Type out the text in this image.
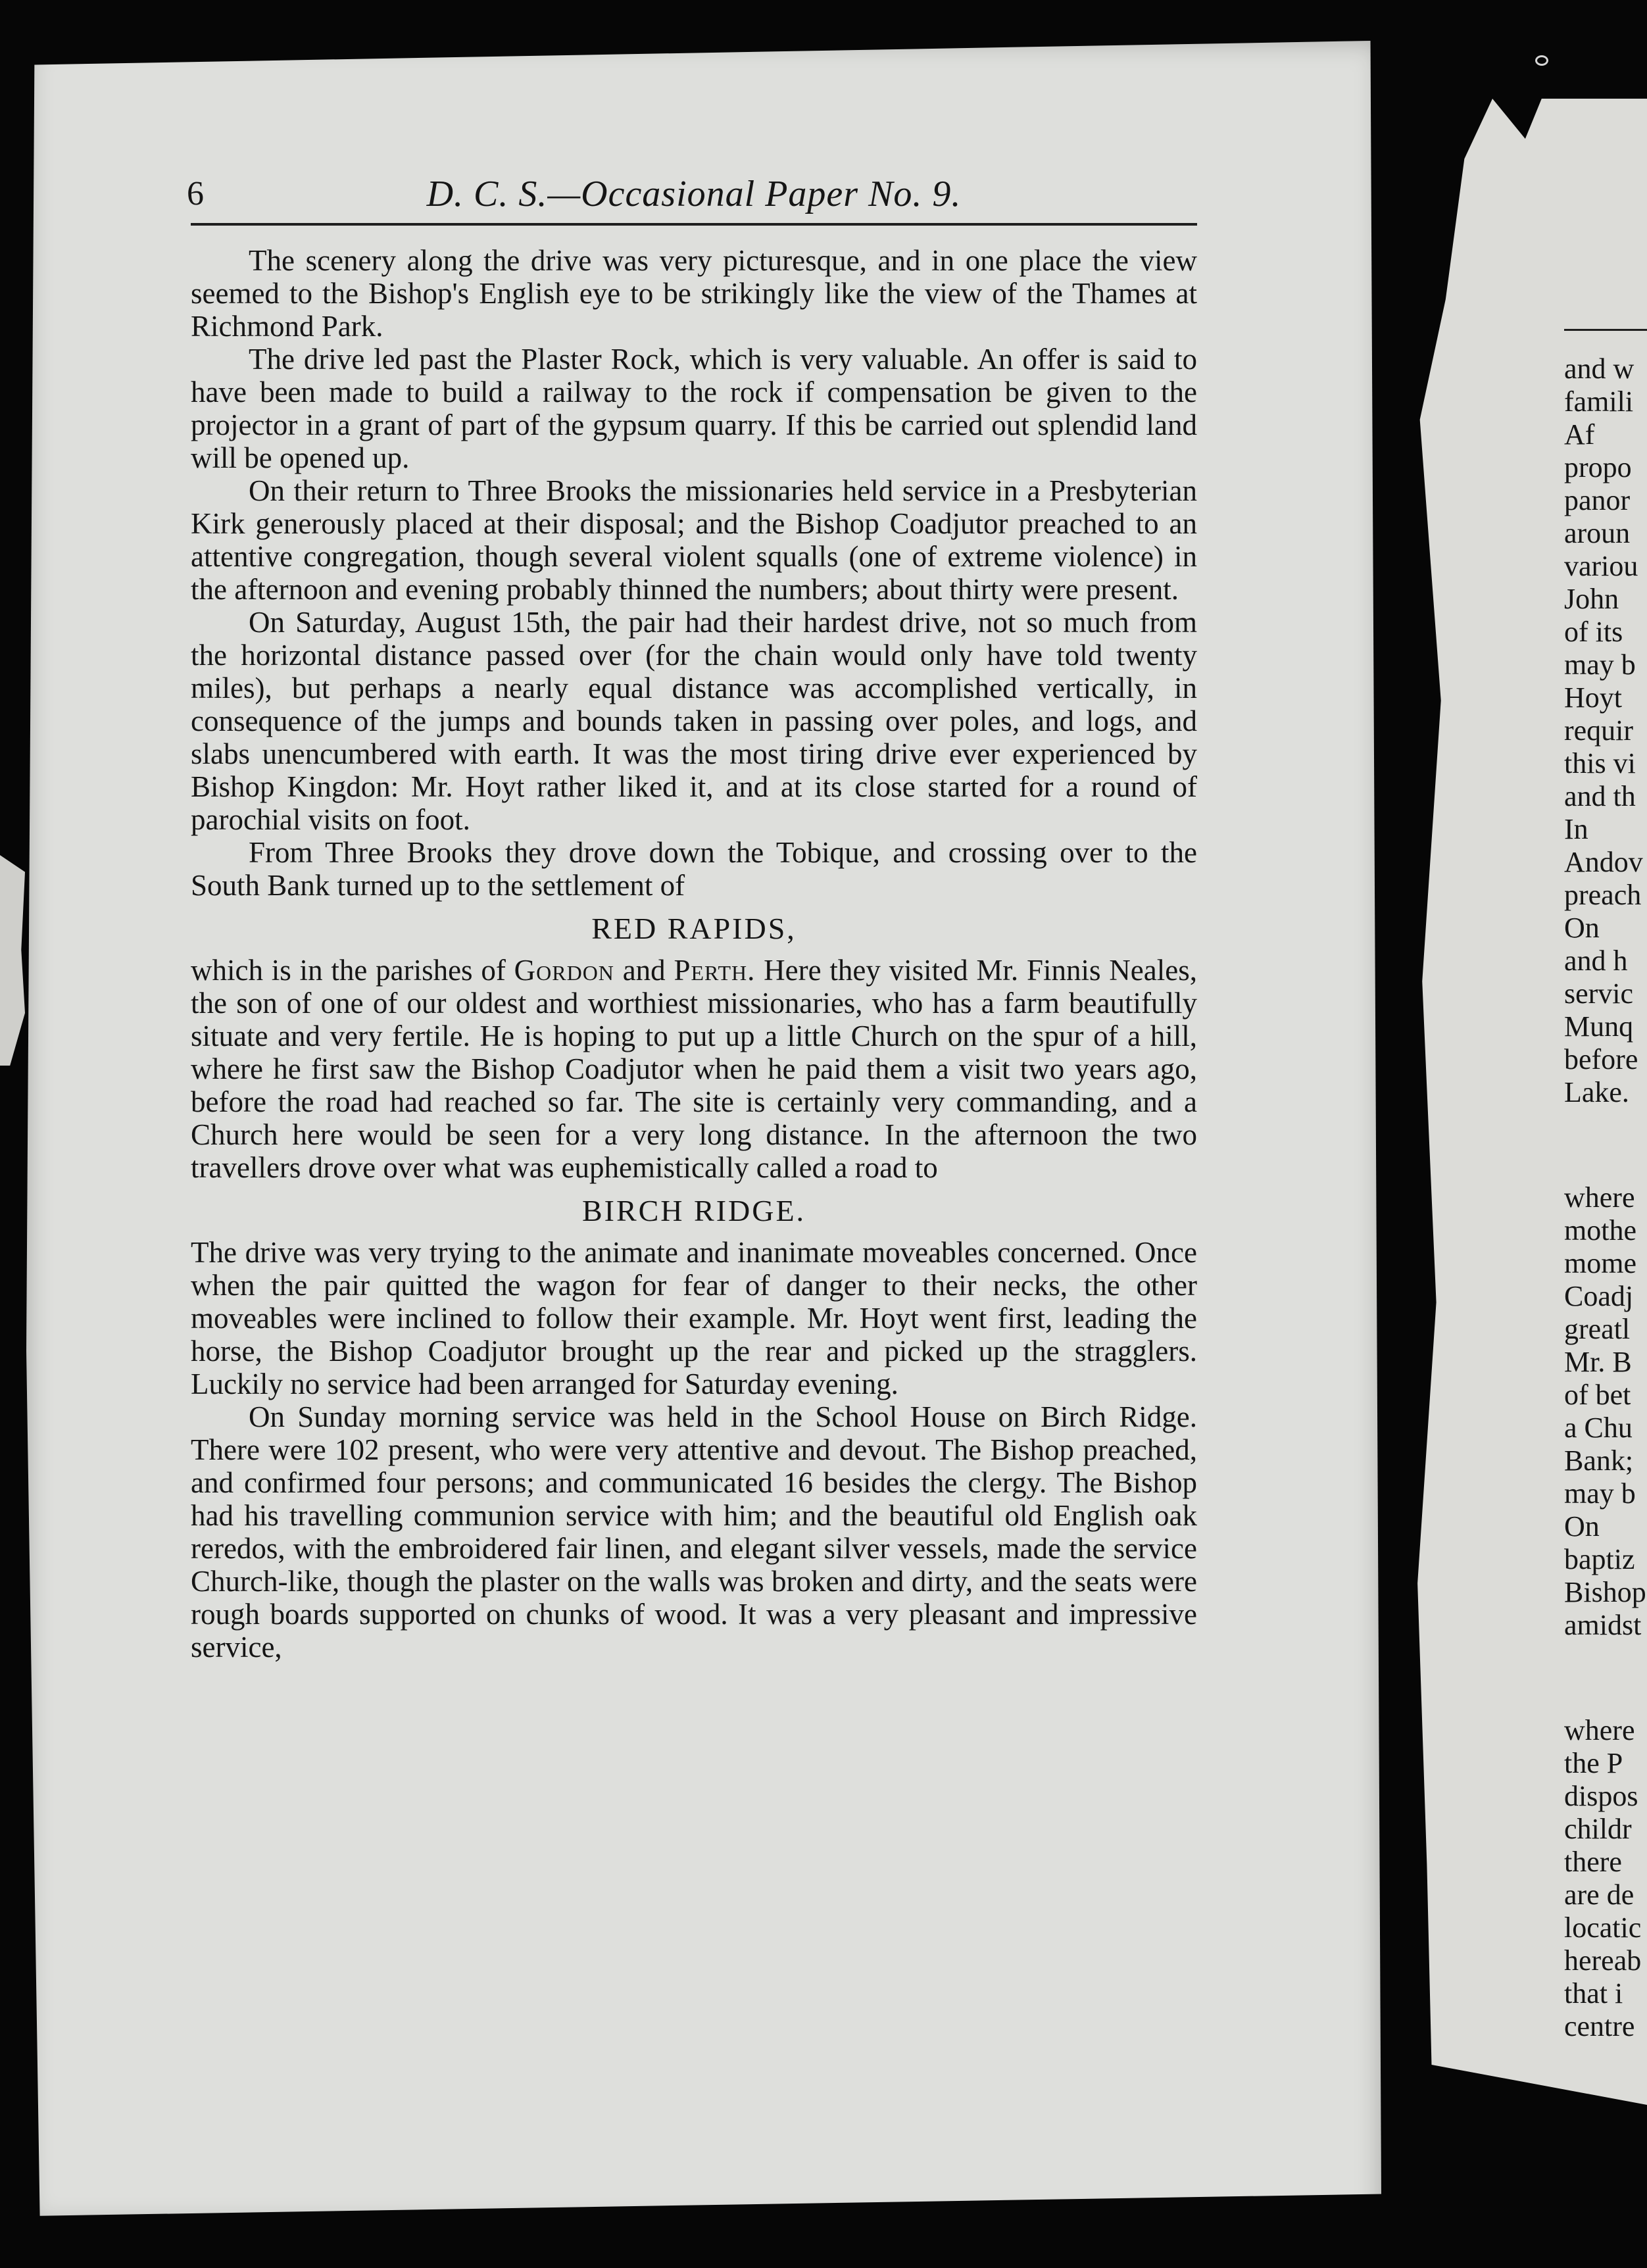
6	D. C. S.—Occasional Paper No. 9.

The scenery along the drive was very picturesque, and in one place the view seemed to the Bishop's English eye to be strikingly like the view of the Thames at Richmond Park.

The drive led past the Plaster Rock, which is very valuable. An offer is said to have been made to build a railway to the rock if compensation be given to the projector in a grant of part of the gypsum quarry. If this be carried out splendid land will be opened up.

On their return to Three Brooks the missionaries held service in a Presbyterian Kirk generously placed at their disposal; and the Bishop Coadjutor preached to an attentive congregation, though several violent squalls (one of extreme violence) in the afternoon and evening probably thinned the numbers; about thirty were present.

On Saturday, August 15th, the pair had their hardest drive, not so much from the horizontal distance passed over (for the chain would only have told twenty miles), but perhaps a nearly equal distance was accomplished vertically, in consequence of the jumps and bounds taken in passing over poles, and logs, and slabs unencumbered with earth. It was the most tiring drive ever experienced by Bishop Kingdon: Mr. Hoyt rather liked it, and at its close started for a round of parochial visits on foot.

From Three Brooks they drove down the Tobique, and crossing over to the South Bank turned up to the settlement of

RED RAPIDS,

which is in the parishes of Gordon and Perth. Here they visited Mr. Finnis Neales, the son of one of our oldest and worthiest missionaries, who has a farm beautifully situate and very fertile. He is hoping to put up a little Church on the spur of a hill, where he first saw the Bishop Coadjutor when he paid them a visit two years ago, before the road had reached so far. The site is certainly very commanding, and a Church here would be seen for a very long distance. In the afternoon the two travellers drove over what was euphemistically called a road to

BIRCH RIDGE.

The drive was very trying to the animate and inanimate moveables concerned. Once when the pair quitted the wagon for fear of danger to their necks, the other moveables were inclined to follow their example. Mr. Hoyt went first, leading the horse, the Bishop Coadjutor brought up the rear and picked up the stragglers. Luckily no service had been arranged for Saturday evening.

On Sunday morning service was held in the School House on Birch Ridge. There were 102 present, who were very attentive and devout. The Bishop preached, and confirmed four persons; and communicated 16 besides the clergy. The Bishop had his travelling communion service with him; and the beautiful old English oak reredos, with the embroidered fair linen, and elegant silver vessels, made the service Church-like, though the plaster on the walls was broken and dirty, and the seats were rough boards supported on chunks of wood. It was a very pleasant and impressive service,

and w
famili
Af
propo
panor
aroun
variou
John
of its
may b
Hoyt
requir
this vi
and th
In
Andov
preach
On
and h
servic
Munq
before
Lake.
where
mothe
mome
Coadj
greatl
Mr. B
of bet
a Chu
Bank;
may b
On
baptiz
Bishop
amidst
where
the P
dispos
childr
there
are de
locatic
hereab
that i
centre
